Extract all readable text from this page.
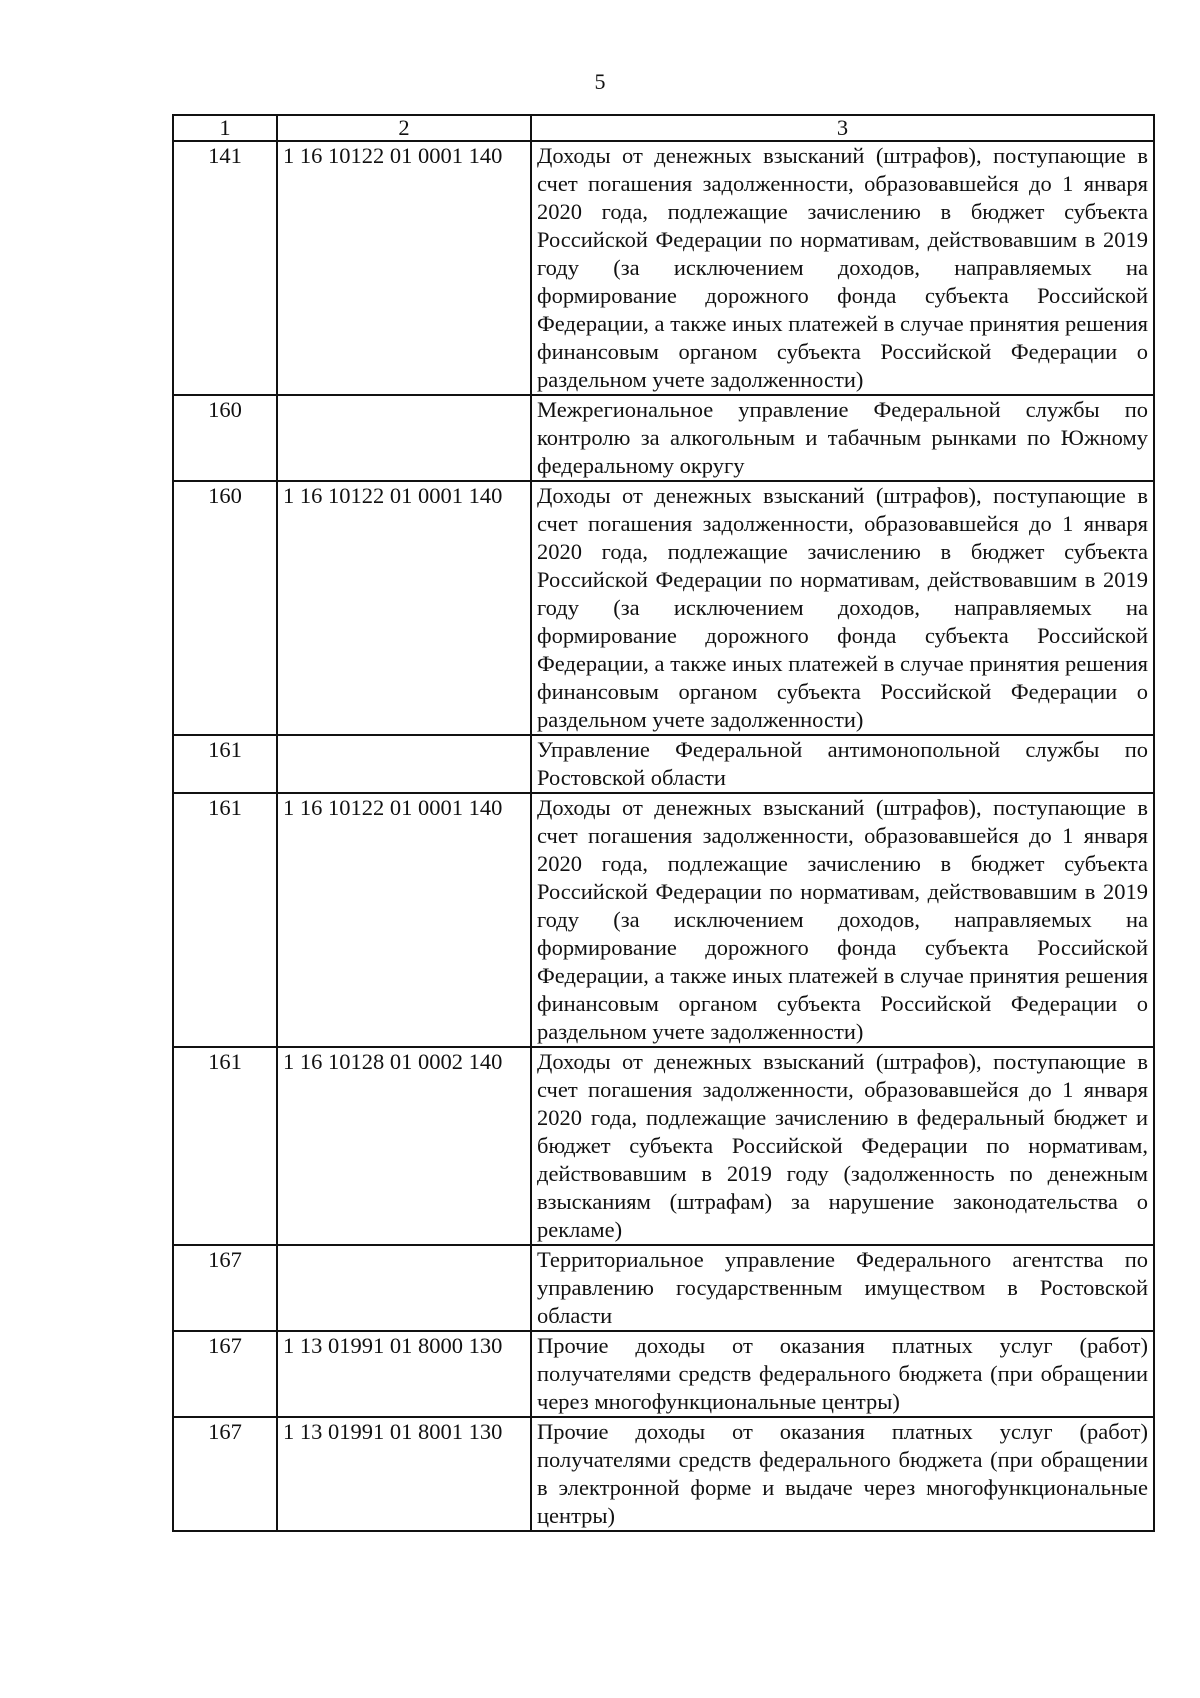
5
1	2	3
141	1 16 10122 01 0001 140	Доходы от денежных взысканий (штрафов), поступающие в счет погашения задолженности, образовавшейся до 1 января 2020 года, подлежащие зачислению в бюджет субъекта Российской Федерации по нормативам, действовавшим в 2019 году (за исключением доходов, направляемых на формирование дорожного фонда субъекта Российской Федерации, а также иных платежей в случае принятия решения финансовым органом субъекта Российской Федерации о раздельном учете задолженности)
160		Межрегиональное управление Федеральной службы по контролю за алкогольным и табачным рынками по Южному федеральному округу
160	1 16 10122 01 0001 140	Доходы от денежных взысканий (штрафов), поступающие в счет погашения задолженности, образовавшейся до 1 января 2020 года, подлежащие зачислению в бюджет субъекта Российской Федерации по нормативам, действовавшим в 2019 году (за исключением доходов, направляемых на формирование дорожного фонда субъекта Российской Федерации, а также иных платежей в случае принятия решения финансовым органом субъекта Российской Федерации о раздельном учете задолженности)
161		Управление Федеральной антимонопольной службы по Ростовской области
161	1 16 10122 01 0001 140	Доходы от денежных взысканий (штрафов), поступающие в счет погашения задолженности, образовавшейся до 1 января 2020 года, подлежащие зачислению в бюджет субъекта Российской Федерации по нормативам, действовавшим в 2019 году (за исключением доходов, направляемых на формирование дорожного фонда субъекта Российской Федерации, а также иных платежей в случае принятия решения финансовым органом субъекта Российской Федерации о раздельном учете задолженности)
161	1 16 10128 01 0002 140	Доходы от денежных взысканий (штрафов), поступающие в счет погашения задолженности, образовавшейся до 1 января 2020 года, подлежащие зачислению в федеральный бюджет и бюджет субъекта Российской Федерации по нормативам, действовавшим в 2019 году (задолженность по денежным взысканиям (штрафам) за нарушение законодательства о рекламе)
167		Территориальное управление Федерального агентства по управлению государственным имуществом в Ростовской области
167	1 13 01991 01 8000 130	Прочие доходы от оказания платных услуг (работ) получателями средств федерального бюджета (при обращении через многофункциональные центры)
167	1 13 01991 01 8001 130	Прочие доходы от оказания платных услуг (работ) получателями средств федерального бюджета (при обращении в электронной форме и выдаче через многофункциональные центры)
